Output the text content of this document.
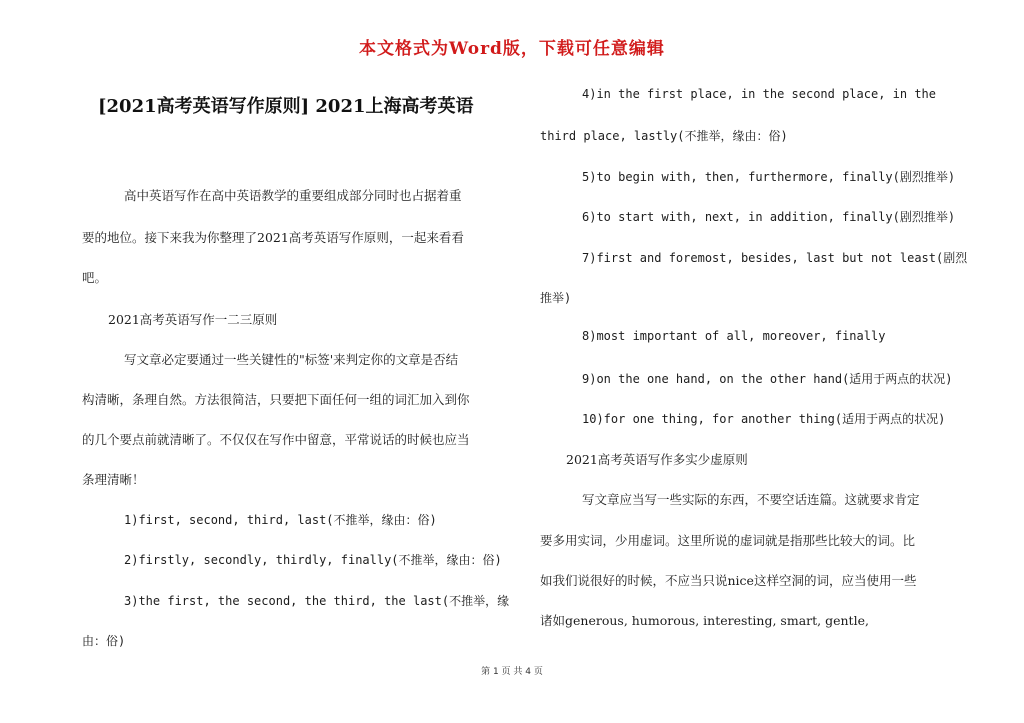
本文格式为Word版，下载可任意编辑
[2021高考英语写作原则] 2021上海高考英语
高中英语写作在高中英语教学的重要组成部分同时也占据着重
要的地位。接下来我为你整理了2021高考英语写作原则，一起来看看
吧。
2021高考英语写作一二三原则
写文章必定要通过一些关键性的"标签'来判定你的文章是否结
构清晰，条理自然。方法很简洁，只要把下面任何一组的词汇加入到你
的几个要点前就清晰了。不仅仅在写作中留意，平常说话的时候也应当
条理清晰！
1)first, second, third, last(不推举，缘由：俗)
2)firstly, secondly, thirdly, finally(不推举，缘由：俗)
3)the first, the second, the third, the last(不推举，缘
由：俗)
4)in the first place, in the second place, in the
third place, lastly(不推举，缘由：俗)
5)to begin with, then, furthermore, finally(剧烈推举)
6)to start with, next, in addition, finally(剧烈推举)
7)first and foremost, besides, last but not least(剧烈
推举)
8)most important of all, moreover, finally
9)on the one hand, on the other hand(适用于两点的状况)
10)for one thing, for another thing(适用于两点的状况)
2021高考英语写作多实少虚原则
写文章应当写一些实际的东西，不要空话连篇。这就要求肯定
要多用实词，少用虚词。这里所说的虚词就是指那些比较大的词。比
如我们说很好的时候，不应当只说nice这样空洞的词，应当使用一些
诸如generous, humorous, interesting, smart, gentle,
第 1 页 共 4 页
